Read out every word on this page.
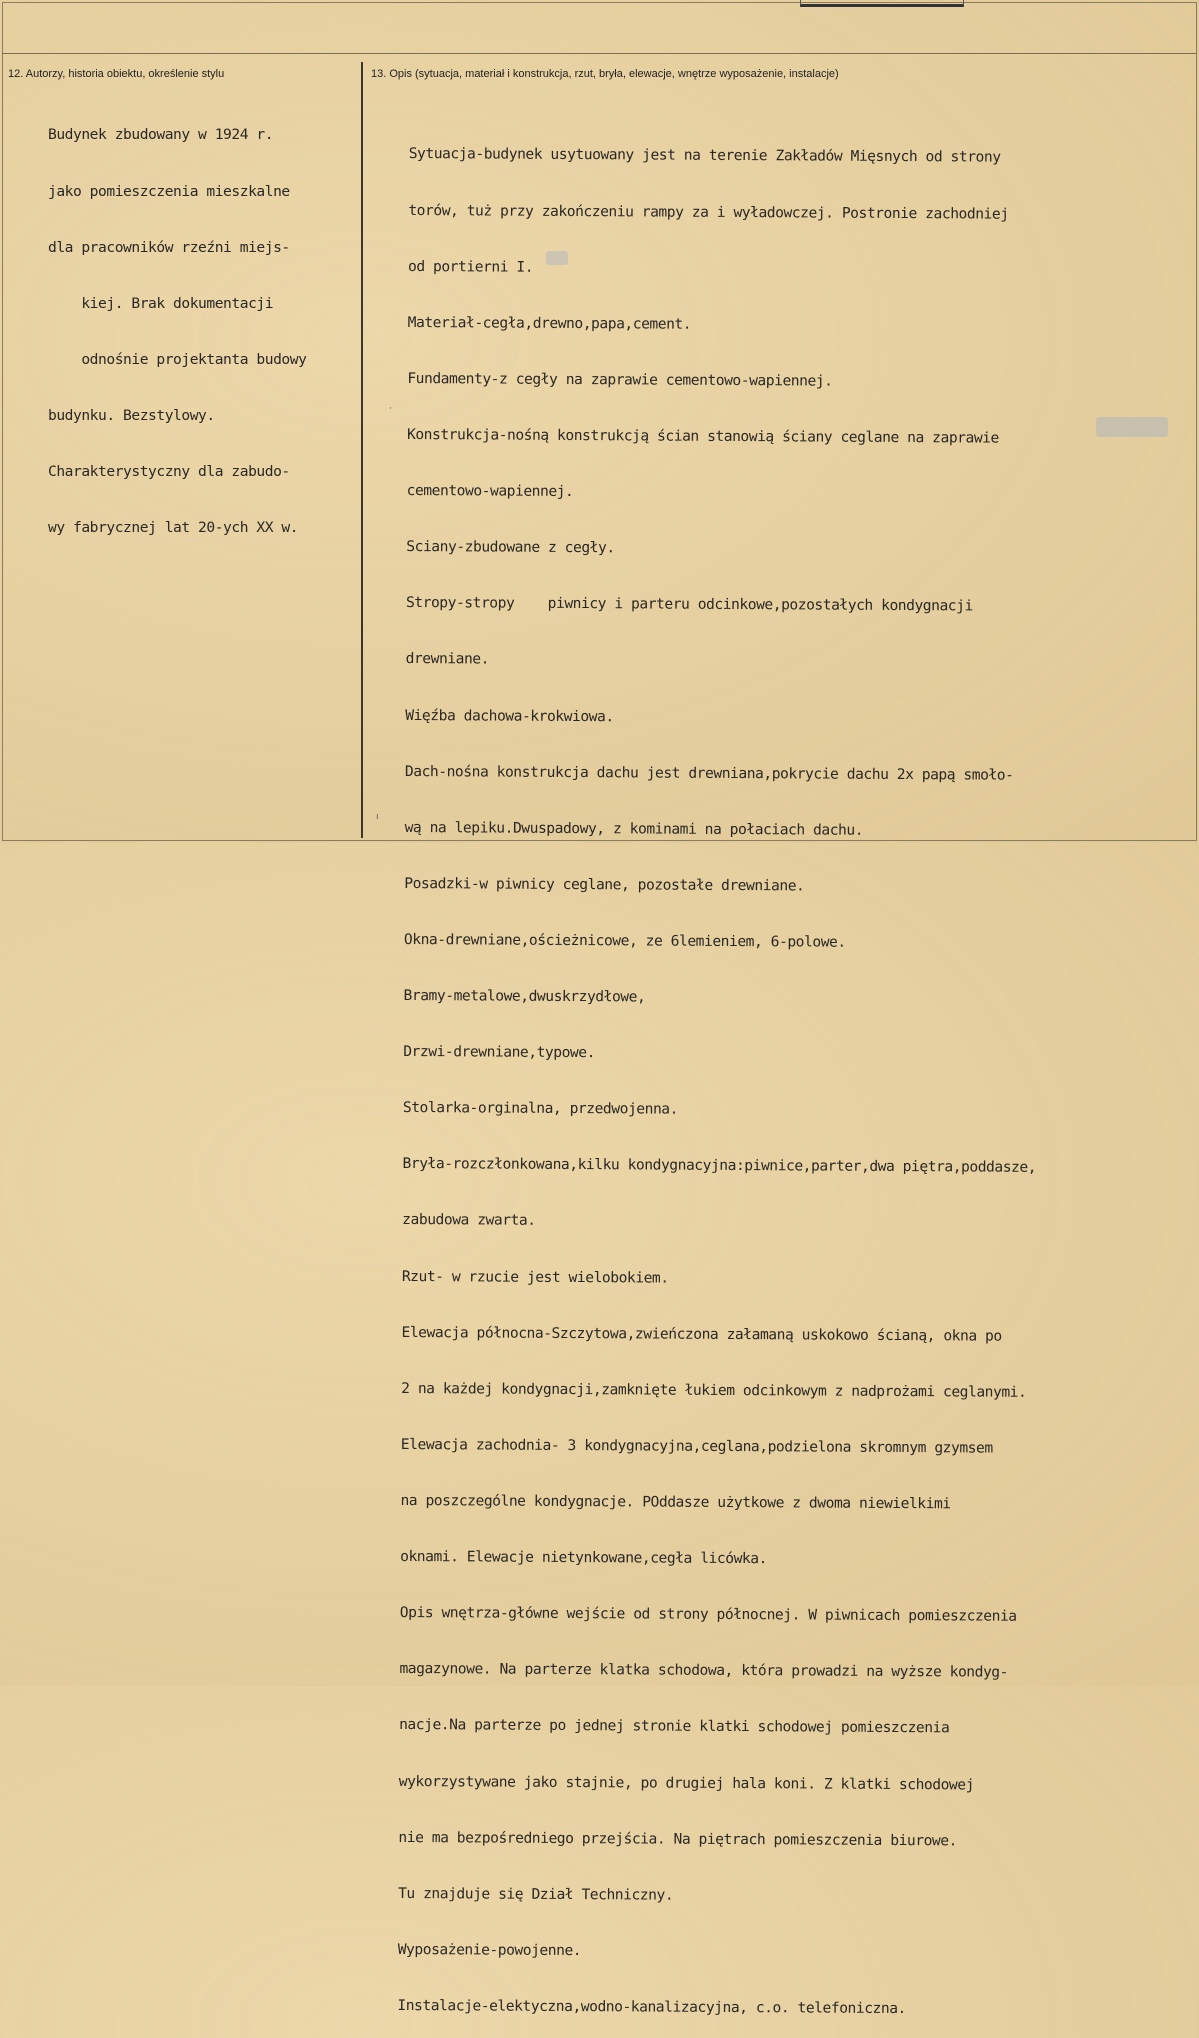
12. Autorzy, historia obiektu, określenie stylu	13. Opis (sytuacja, materiał i konstrukcja, rzut, bryła, elewacje, wnętrze wyposażenie, instalacje)

Budynek zbudowany w 1924 r.

jako pomieszczenia mieszkalne

dla pracowników rzeźni miejs-

kiej. Brak dokumentacji

odnośnie projektanta budowy

budynku. Bezstylowy.

Charakterystyczny dla zabudo-

wy fabrycznej lat 20-ych XX w.

Sytuacja-budynek usytuowany jest na terenie Zakładów Mięsnych od strony

torów, tuż przy zakończeniu rampy za i wyładowczej. Postronie zachodniej

od portierni I.

Materiał-cegła,drewno,papa,cement.

Fundamenty-z cegły na zaprawie cementowo-wapiennej.

Konstrukcja-nośną konstrukcją ścian stanowią ściany ceglane na zaprawie

cementowo-wapiennej.

Sciany-zbudowane z cegły.

Stropy-stropy    piwnicy i parteru odcinkowe,pozostałych kondygnacji

drewniane.

Więźba dachowa-krokwiowa.

Dach-nośna konstrukcja dachu jest drewniana,pokrycie dachu 2x papą smoło-

wą na lepiku.Dwuspadowy, z kominami na połaciach dachu.

Posadzki-w piwnicy ceglane, pozostałe drewniane.

Okna-drewniane,ościeżnicowe, ze 6lemieniem, 6-polowe.

Bramy-metalowe,dwuskrzydłowe,

Drzwi-drewniane,typowe.

Stolarka-orginalna, przedwojenna.

Bryła-rozczłonkowana,kilku kondygnacyjna:piwnice,parter,dwa piętra,poddasze,

zabudowa zwarta.

Rzut- w rzucie jest wielobokiem.

Elewacja północna-Szczytowa,zwieńczona załamaną uskokowo ścianą, okna po

2 na każdej kondygnacji,zamknięte łukiem odcinkowym z nadprożami ceglanymi.

Elewacja zachodnia- 3 kondygnacyjna,ceglana,podzielona skromnym gzymsem

na poszczególne kondygnacje. POddasze użytkowe z dwoma niewielkimi

oknami. Elewacje nietynkowane,cegła licówka.

Opis wnętrza-główne wejście od strony północnej. W piwnicach pomieszczenia

magazynowe. Na parterze klatka schodowa, która prowadzi na wyższe kondyg-

nacje.Na parterze po jednej stronie klatki schodowej pomieszczenia

wykorzystywane jako stajnie, po drugiej hala koni. Z klatki schodowej

nie ma bezpośredniego przejścia. Na piętrach pomieszczenia biurowe.

Tu znajduje się Dział Techniczny.

Wyposażenie-powojenne.

Instalacje-elektyczna,wodno-kanalizacyjna, c.o. telefoniczna.

·
ı
